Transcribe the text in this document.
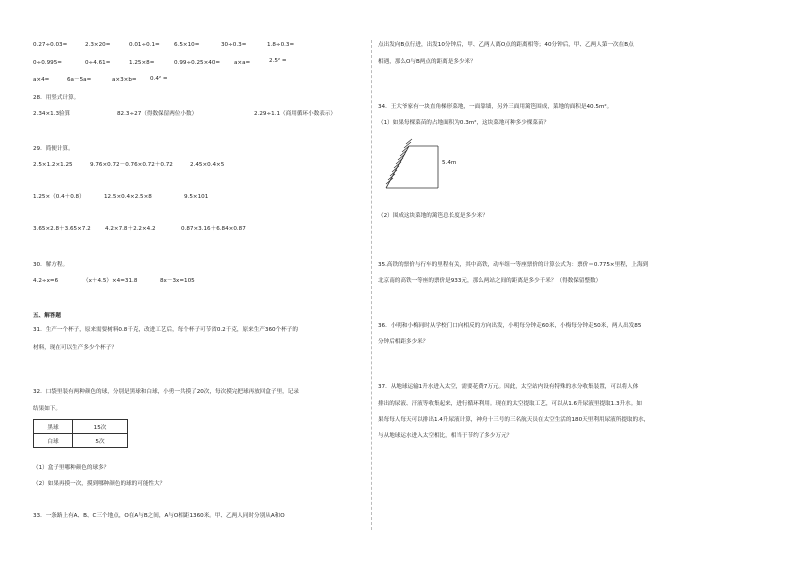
0.27÷0.03=	2.3×20=	0.01÷0.1=	6.5×10=	30÷0.3=	1.8÷0.3=
0÷0.995=	0÷4.61=	1.25×8=	0.99÷0.25×40= a×a=	2.5² =
a×4=	6a－5a=	a×3×b= 0.4² =
28．用竖式计算。
2.34×1.3验算	82.3÷27（得数保留两位小数）	2.29÷1.1（商用循环小数表示）
29．简便计算。
2.5×1.2×1.25	9.76×0.72－0.76×0.72＋0.72	2.45×0.4×5
1.25×（0.4＋0.8）	12.5×0.4×2.5×8	9.5×101
3.65×2.8＋3.65×7.2	4.2×7.8＋2.2×4.2	0.87×3.16＋6.84×0.87
30．解方程。
4.2÷x=6	（x＋4.5）×4=31.8	8x－3x=105
五、解答题
31．生产一个杯子，原来需要树料0.8千克，改进工艺后，每个杯子可节省0.2千克，原来生产360个杯子的
材料，现在可以生产多少个杯子？
32．口袋里装有两种颜色的球，分别是黑球和白球，小勇一共摸了20次，每次摸完把球再放回盒子里，记录
结果如下。
黑球	15次
白球	5次
（1）盒子里哪种颜色的球多？
（2）如果再摸一次，摸到哪种颜色的球的可能性大？
33．一条路上有A、B、C三个地点，O在A与B之间，A与O相距1360米。甲、乙两人同时分别从A和O
点出发向B点行进，出发10分钟后，甲、乙两人离O点的距离相等；40分钟后，甲、乙两人第一次在B点
相遇，那么O与B两点的距离是多少米？
34．王大爷家有一块直角梯形菜地，一面靠墙，另外三面用篱笆围成，菜地的面积是40.5m²。
（1）如果每棵菜苗的占地面积为0.3m²，这块菜地可种多少棵菜苗？
5.4m
（2）围成这块菜地的篱笆总长度是多少米？
35.高铁的票价与行车的里程有关，其中高铁，动车组一等座票价的计算公式为：票价＝0.775×里程，上海到
北京南的高铁一等座的票价是933元，那么两站之间的距离是多少千米？（得数保留整数）
36．小明和小梅同时从学校门口向相反的方向出发，小明每分钟走60米，小梅每分钟走50米，两人出发85
分钟后相距多少米？
37．从地球运输1升水进入太空，需要花费7万元。因此，太空站内设有特殊的水分收集装置，可以将人体
排出的尿液、汗液等收集起来，进行循环利用。现在的太空提取工艺，可以从1.6升尿液里提取1.3升水。如
果每每人每天可以排出1.4升尿液计算，神舟十三号的三名航天员在太空生活的180天里利用尿液所提取的水，
与从地球运水进入太空相比，相当于节约了多少万元？
